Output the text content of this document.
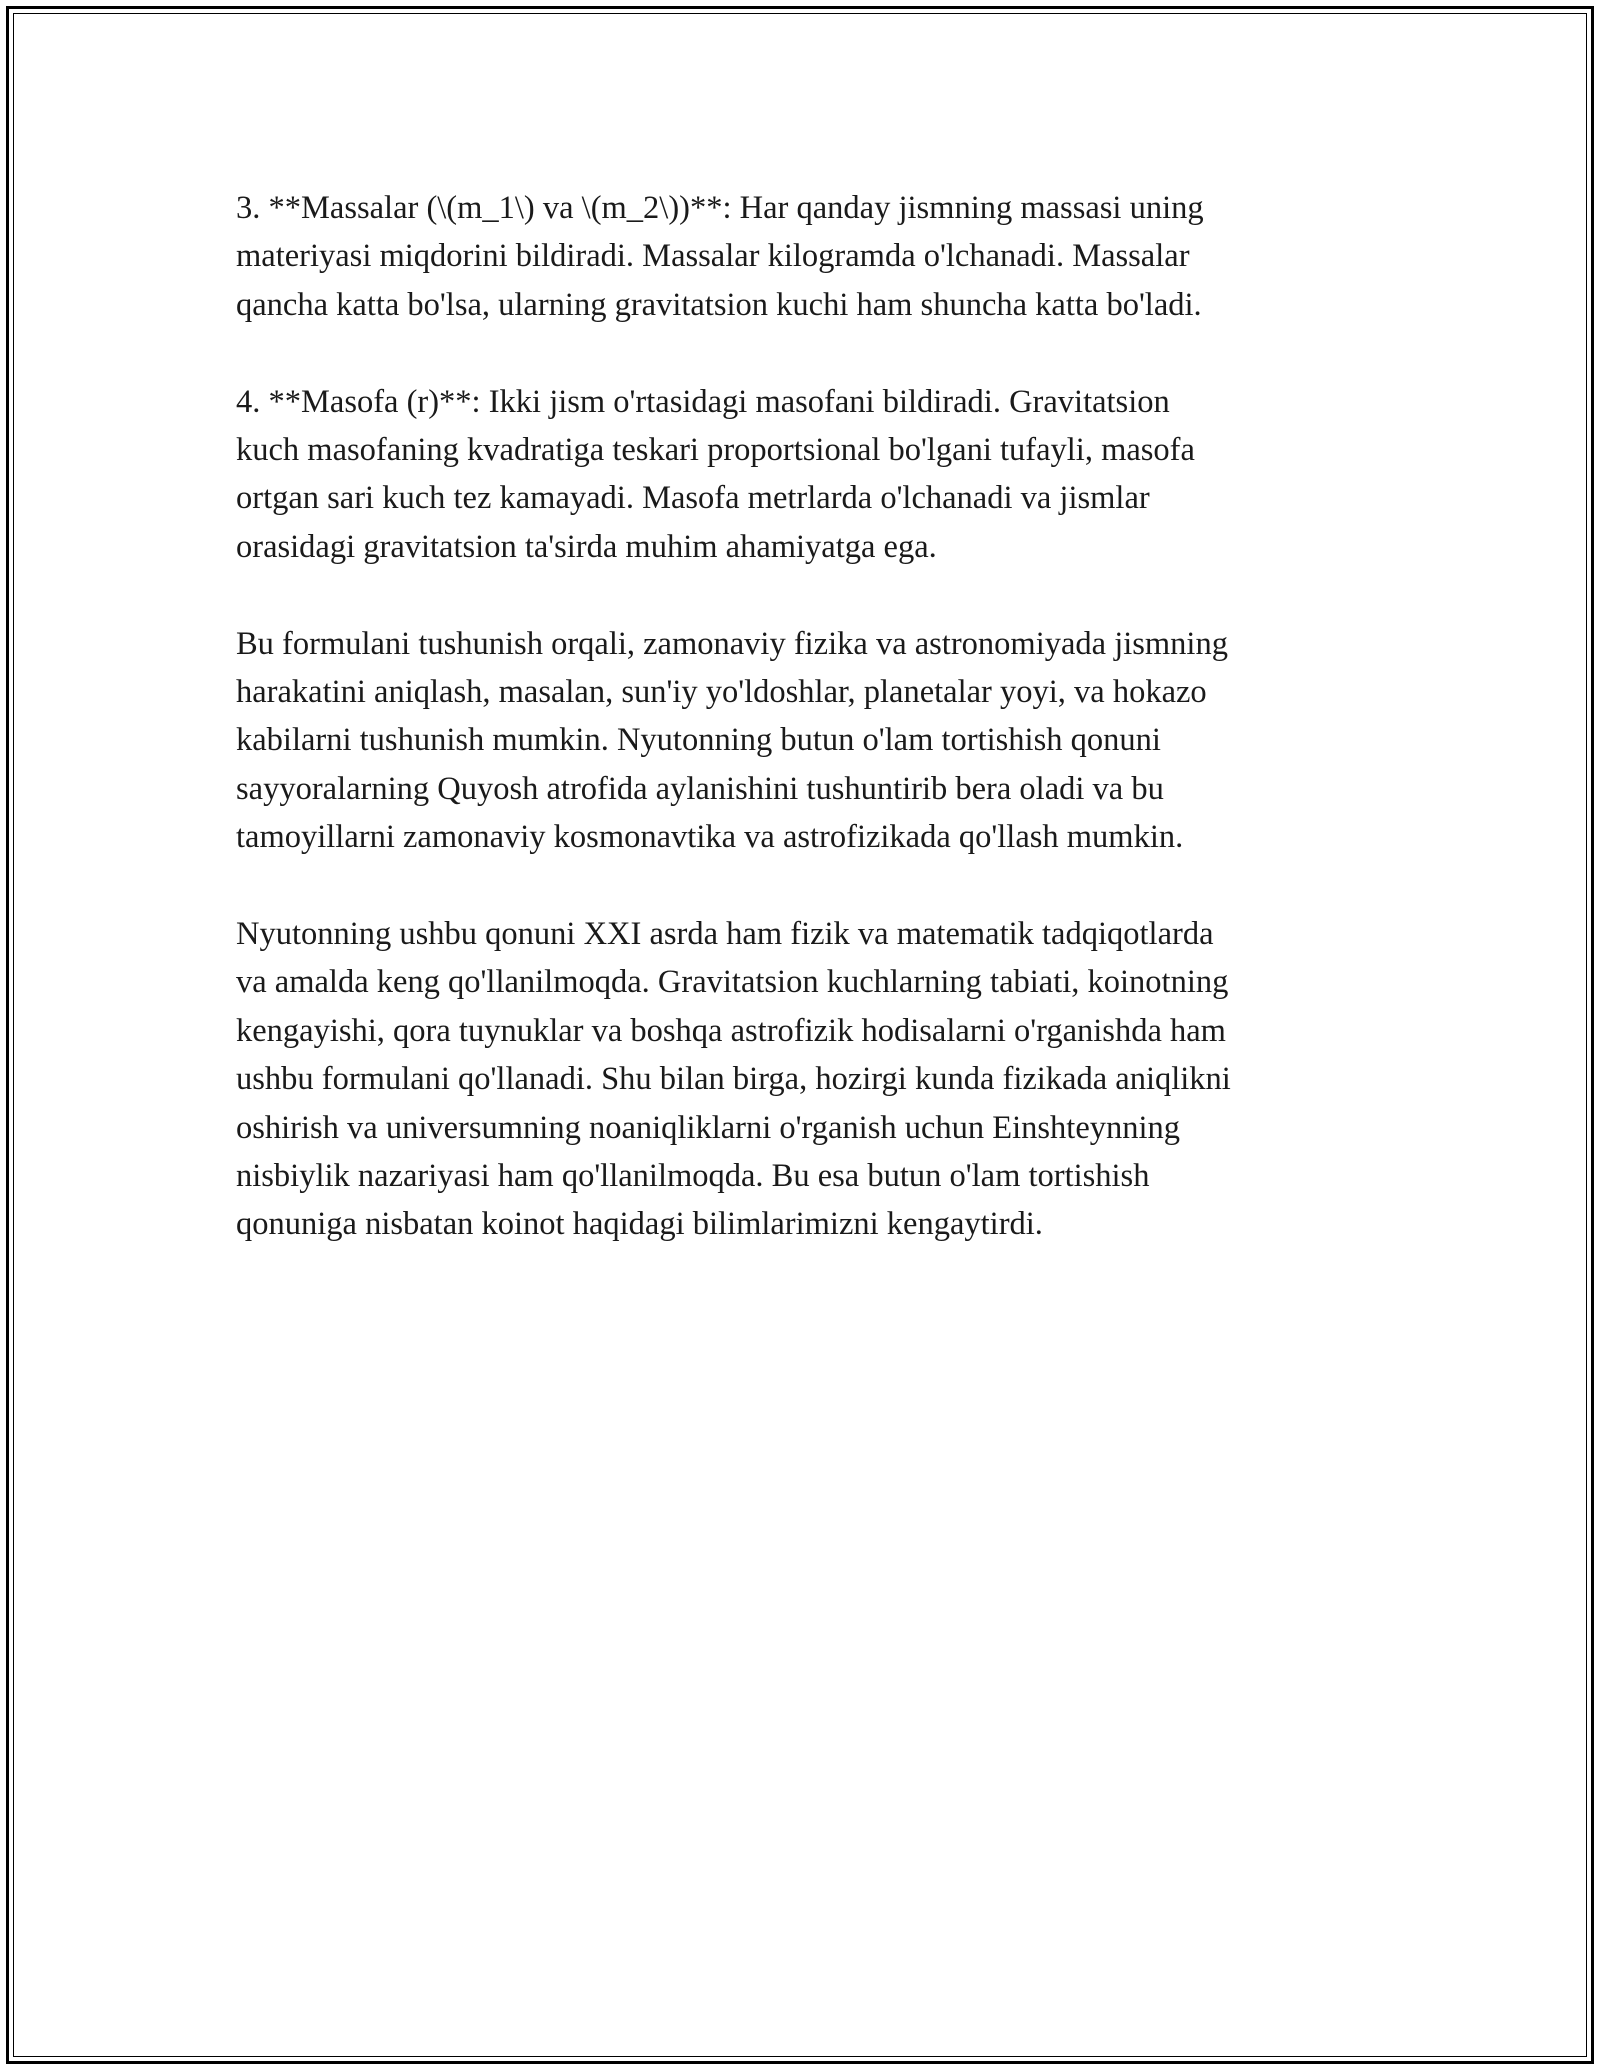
3. **Massalar (\(m_1\) va \(m_2\))**: Har qanday jismning massasi uning
materiyasi miqdorini bildiradi. Massalar kilogramda o'lchanadi. Massalar
qancha katta bo'lsa, ularning gravitatsion kuchi ham shuncha katta bo'ladi.

4. **Masofa (r)**: Ikki jism o'rtasidagi masofani bildiradi. Gravitatsion
kuch masofaning kvadratiga teskari proportsional bo'lgani tufayli, masofa
ortgan sari kuch tez kamayadi. Masofa metrlarda o'lchanadi va jismlar
orasidagi gravitatsion ta'sirda muhim ahamiyatga ega.

Bu formulani tushunish orqali, zamonaviy fizika va astronomiyada jismning
harakatini aniqlash, masalan, sun'iy yo'ldoshlar, planetalar yoyi, va hokazo
kabilarni tushunish mumkin. Nyutonning butun o'lam tortishish qonuni
sayyoralarning Quyosh atrofida aylanishini tushuntirib bera oladi va bu
tamoyillarni zamonaviy kosmonavtika va astrofizikada qo'llash mumkin.

Nyutonning ushbu qonuni XXI asrda ham fizik va matematik tadqiqotlarda
va amalda keng qo'llanilmoqda. Gravitatsion kuchlarning tabiati, koinotning
kengayishi, qora tuynuklar va boshqa astrofizik hodisalarni o'rganishda ham
ushbu formulani qo'llanadi. Shu bilan birga, hozirgi kunda fizikada aniqlikni
oshirish va universumning noaniqliklarni o'rganish uchun Einshteynning
nisbiylik nazariyasi ham qo'llanilmoqda. Bu esa butun o'lam tortishish
qonuniga nisbatan koinot haqidagi bilimlarimizni kengaytirdi.
